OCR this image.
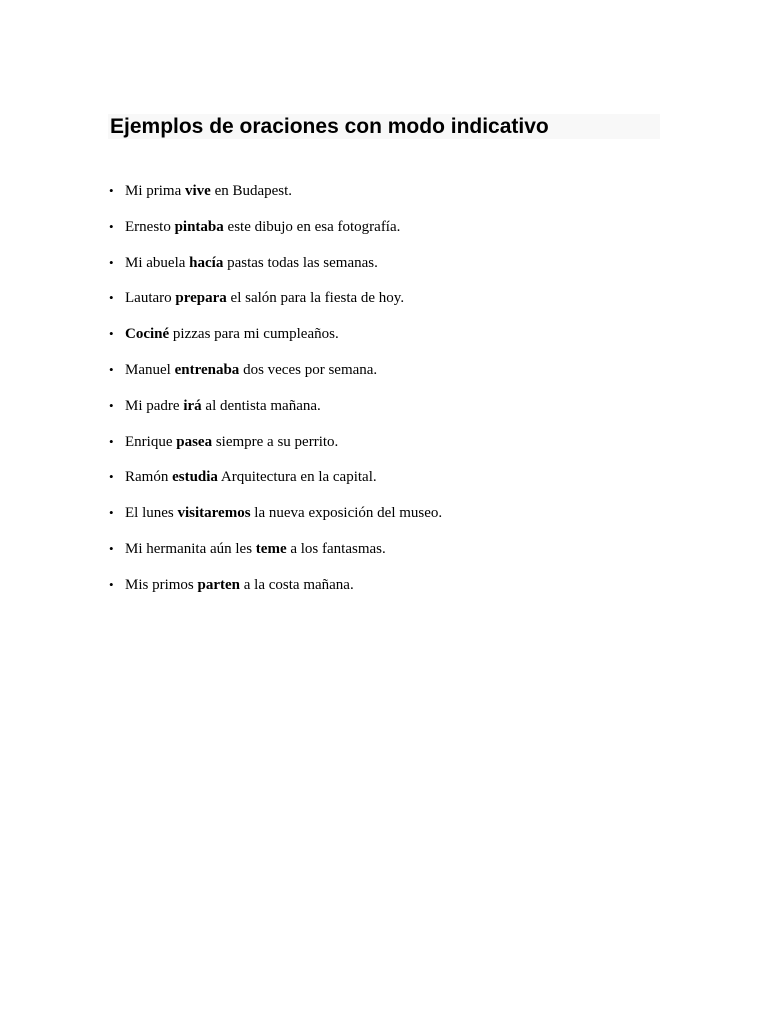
Ejemplos de oraciones con modo indicativo
• Mi prima vive en Budapest.
• Ernesto pintaba este dibujo en esa fotografía.
• Mi abuela hacía pastas todas las semanas.
• Lautaro prepara el salón para la fiesta de hoy.
• Cociné pizzas para mi cumpleaños.
• Manuel entrenaba dos veces por semana.
• Mi padre irá al dentista mañana.
• Enrique pasea siempre a su perrito.
• Ramón estudia Arquitectura en la capital.
• El lunes visitaremos la nueva exposición del museo.
• Mi hermanita aún les teme a los fantasmas.
• Mis primos parten a la costa mañana.
